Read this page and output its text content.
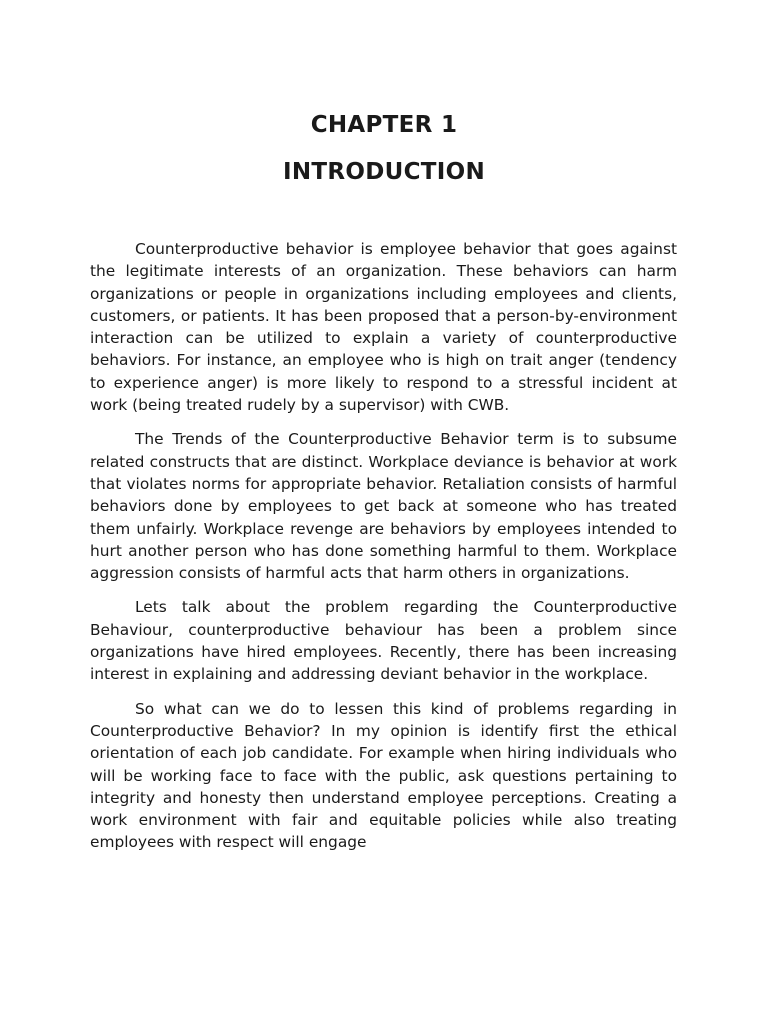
CHAPTER 1
INTRODUCTION

Counterproductive behavior is employee behavior that goes against the legitimate interests of an organization. These behaviors can harm organizations or people in organizations including employees and clients, customers, or patients. It has been proposed that a person-by-environment interaction can be utilized to explain a variety of counterproductive behaviors. For instance, an employee who is high on trait anger (tendency to experience anger) is more likely to respond to a stressful incident at work (being treated rudely by a supervisor) with CWB.

The Trends of the Counterproductive Behavior term is to subsume related constructs that are distinct. Workplace deviance is behavior at work that violates norms for appropriate behavior. Retaliation consists of harmful behaviors done by employees to get back at someone who has treated them unfairly. Workplace revenge are behaviors by employees intended to hurt another person who has done something harmful to them. Workplace aggression consists of harmful acts that harm others in organizations.

Lets talk about the problem regarding the Counterproductive Behaviour, counterproductive behaviour has been a problem since organizations have hired employees. Recently, there has been increasing interest in explaining and addressing deviant behavior in the workplace.

So what can we do to lessen this kind of problems regarding in Counterproductive Behavior? In my opinion is identify first the ethical orientation of each job candidate. For example when hiring individuals who will be working face to face with the public, ask questions pertaining to integrity and honesty then understand employee perceptions. Creating a work environment with fair and equitable policies while also treating employees with respect will engage
